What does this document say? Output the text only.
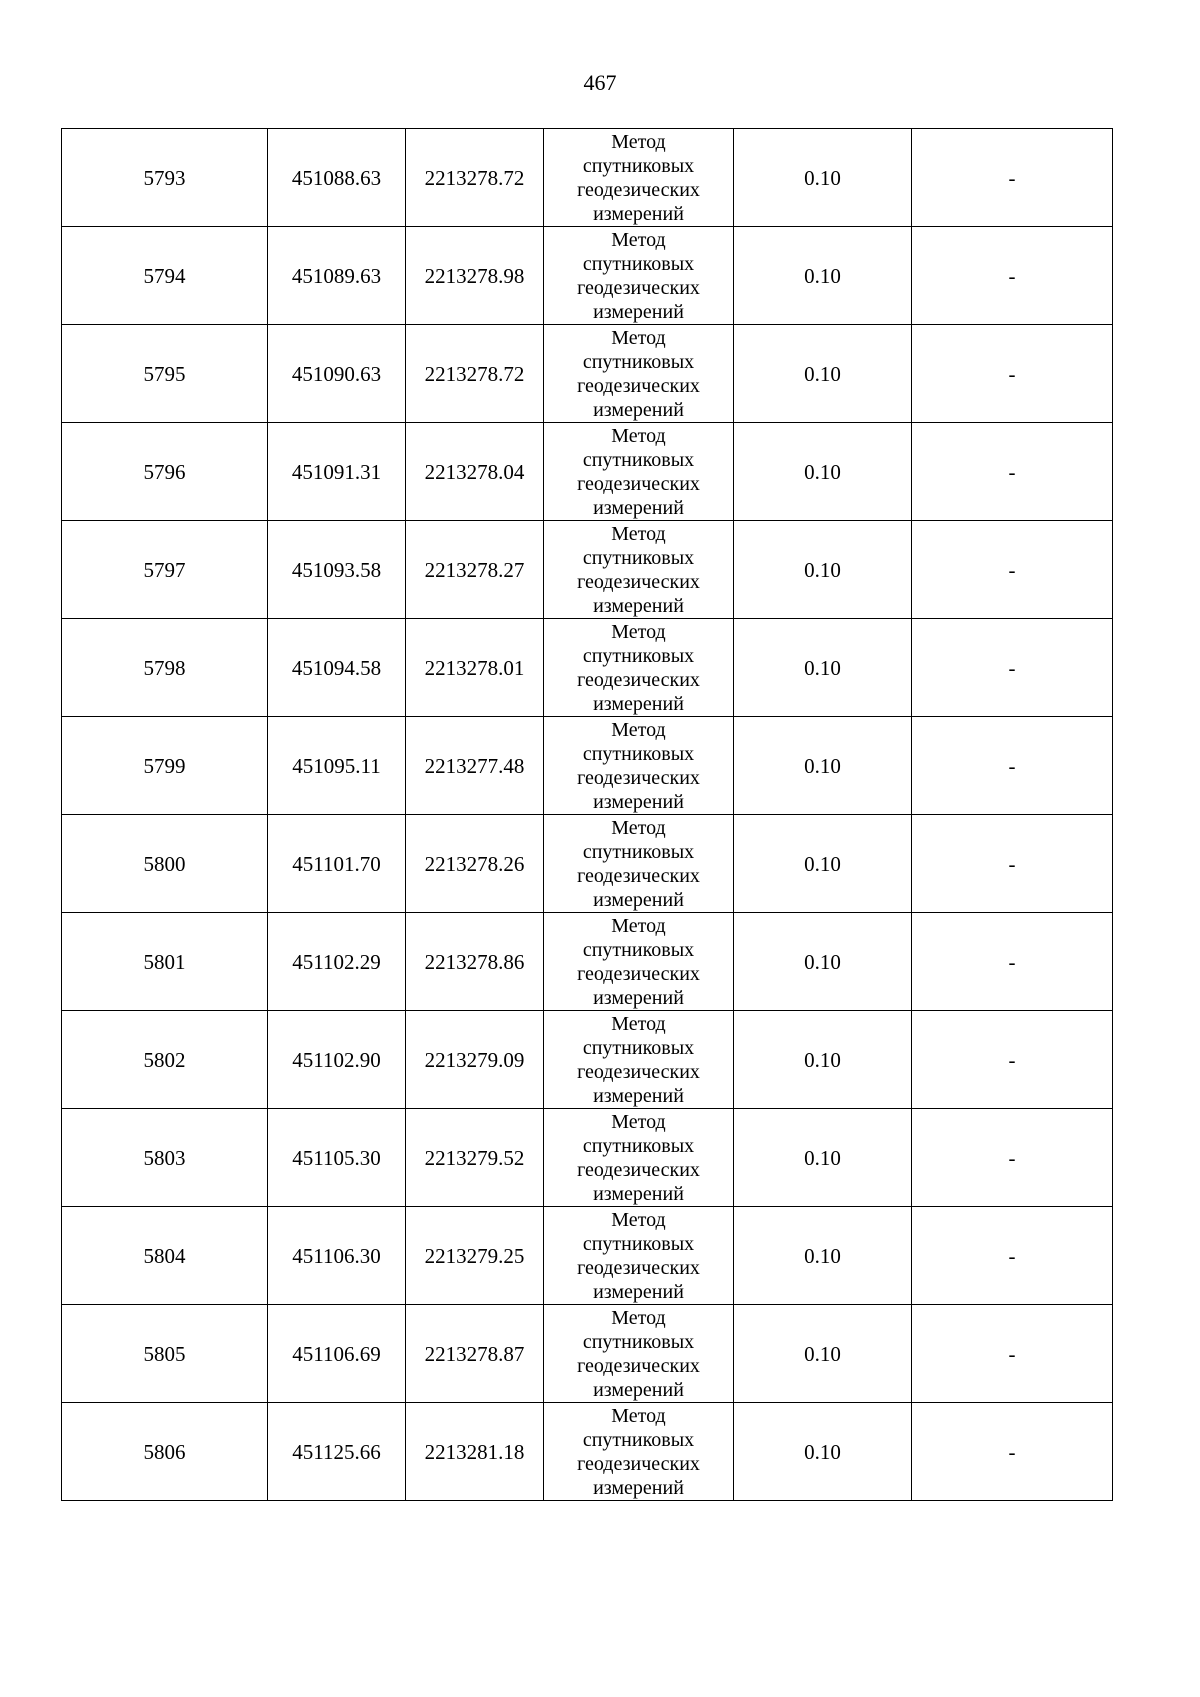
467
5793	451088.63	2213278.72	Метод
спутниковых
геодезических
измерений	0.10	-
5794	451089.63	2213278.98	Метод
спутниковых
геодезических
измерений	0.10	-
5795	451090.63	2213278.72	Метод
спутниковых
геодезических
измерений	0.10	-
5796	451091.31	2213278.04	Метод
спутниковых
геодезических
измерений	0.10	-
5797	451093.58	2213278.27	Метод
спутниковых
геодезических
измерений	0.10	-
5798	451094.58	2213278.01	Метод
спутниковых
геодезических
измерений	0.10	-
5799	451095.11	2213277.48	Метод
спутниковых
геодезических
измерений	0.10	-
5800	451101.70	2213278.26	Метод
спутниковых
геодезических
измерений	0.10	-
5801	451102.29	2213278.86	Метод
спутниковых
геодезических
измерений	0.10	-
5802	451102.90	2213279.09	Метод
спутниковых
геодезических
измерений	0.10	-
5803	451105.30	2213279.52	Метод
спутниковых
геодезических
измерений	0.10	-
5804	451106.30	2213279.25	Метод
спутниковых
геодезических
измерений	0.10	-
5805	451106.69	2213278.87	Метод
спутниковых
геодезических
измерений	0.10	-
5806	451125.66	2213281.18	Метод
спутниковых
геодезических
измерений	0.10	-
